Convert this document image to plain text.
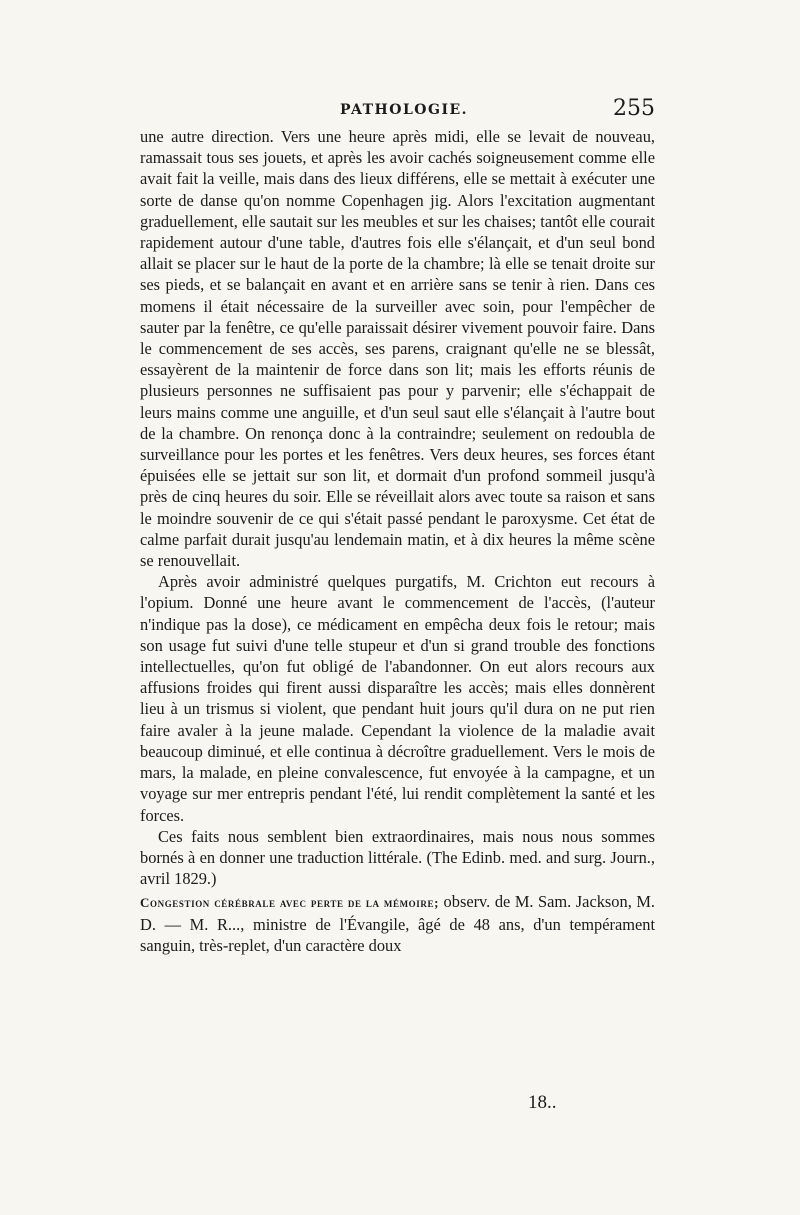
PATHOLOGIE.	255

une autre direction. Vers une heure après midi, elle se levait de nouveau, ramassait tous ses jouets, et après les avoir cachés soigneusement comme elle avait fait la veille, mais dans des lieux différens, elle se mettait à exécuter une sorte de danse qu'on nomme Copenhagen jig. Alors l'excitation augmentant graduellement, elle sautait sur les meubles et sur les chaises; tantôt elle courait rapidement autour d'une table, d'autres fois elle s'élançait, et d'un seul bond allait se placer sur le haut de la porte de la chambre; là elle se tenait droite sur ses pieds, et se balançait en avant et en arrière sans se tenir à rien. Dans ces momens il était nécessaire de la surveiller avec soin, pour l'empêcher de sauter par la fenêtre, ce qu'elle paraissait désirer vivement pouvoir faire. Dans le commencement de ses accès, ses parens, craignant qu'elle ne se blessât, essayèrent de la maintenir de force dans son lit; mais les efforts réunis de plusieurs personnes ne suffisaient pas pour y parvenir; elle s'échappait de leurs mains comme une anguille, et d'un seul saut elle s'élançait à l'autre bout de la chambre. On renonça donc à la contraindre; seulement on redoubla de surveillance pour les portes et les fenêtres. Vers deux heures, ses forces étant épuisées elle se jettait sur son lit, et dormait d'un profond sommeil jusqu'à près de cinq heures du soir. Elle se réveillait alors avec toute sa raison et sans le moindre souvenir de ce qui s'était passé pendant le paroxysme. Cet état de calme parfait durait jusqu'au lendemain matin, et à dix heures la même scène se renouvellait.

Après avoir administré quelques purgatifs, M. Crichton eut recours à l'opium. Donné une heure avant le commencement de l'accès, (l'auteur n'indique pas la dose), ce médicament en empêcha deux fois le retour; mais son usage fut suivi d'une telle stupeur et d'un si grand trouble des fonctions intellectuelles, qu'on fut obligé de l'abandonner. On eut alors recours aux affusions froides qui firent aussi disparaître les accès; mais elles donnèrent lieu à un trismus si violent, que pendant huit jours qu'il dura on ne put rien faire avaler à la jeune malade. Cependant la violence de la maladie avait beaucoup diminué, et elle continua à décroître graduellement. Vers le mois de mars, la malade, en pleine convalescence, fut envoyée à la campagne, et un voyage sur mer entrepris pendant l'été, lui rendit complètement la santé et les forces.

Ces faits nous semblent bien extraordinaires, mais nous nous sommes bornés à en donner une traduction littérale. (The Edinb. med. and surg. Journ., avril 1829.)

Congestion cérébrale avec perte de la mémoire; observ. de M. Sam. Jackson, M. D. — M. R..., ministre de l'Évangile, âgé de 48 ans, d'un tempérament sanguin, très-replet, d'un caractère doux

18..
